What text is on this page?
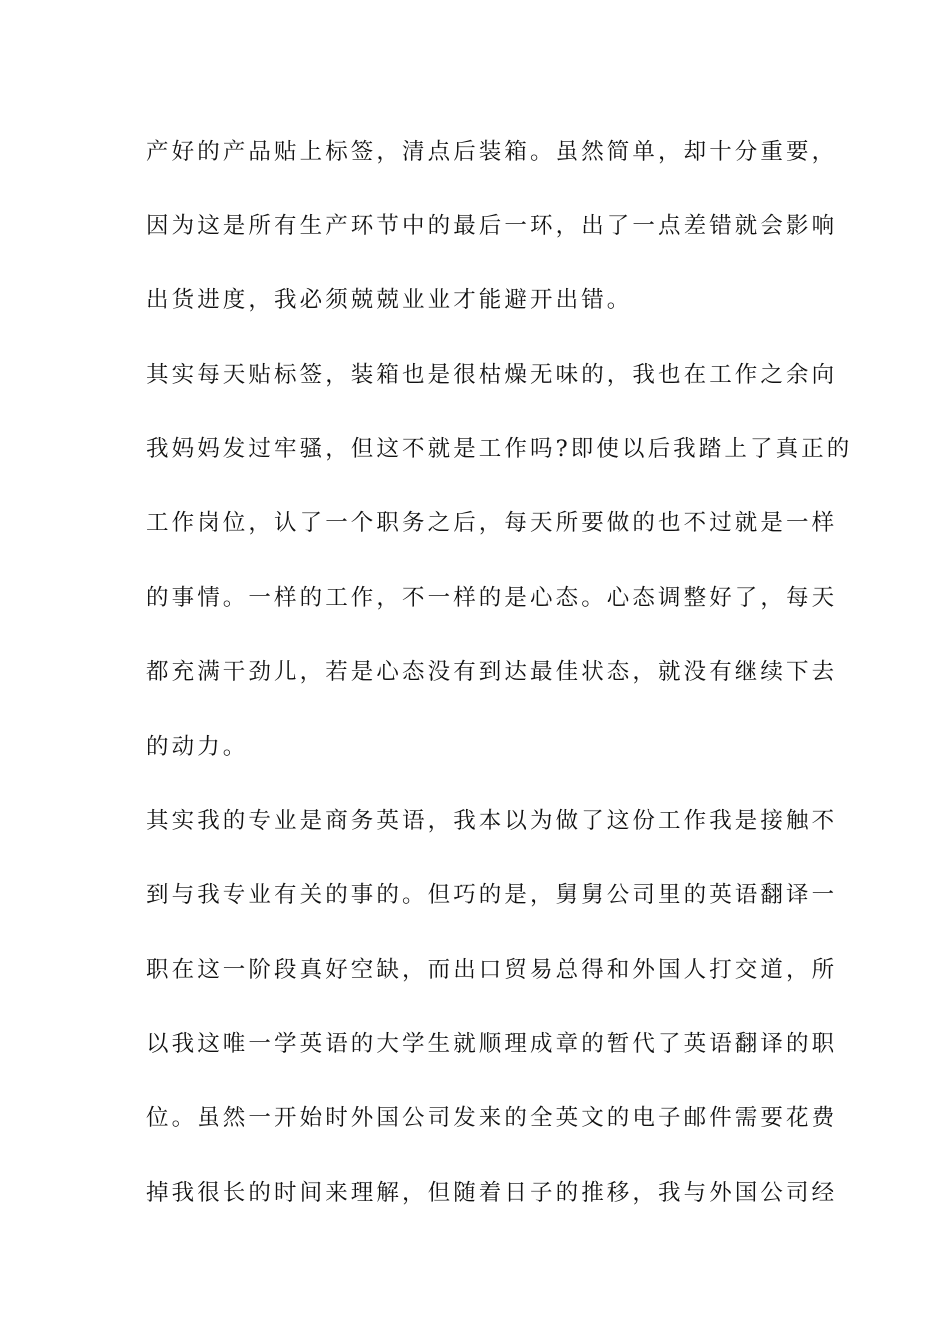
产好的产品贴上标签，清点后装箱。虽然简单，却十分重要，
因为这是所有生产环节中的最后一环，出了一点差错就会影响
出货进度，我必须兢兢业业才能避开出错。
其实每天贴标签，装箱也是很枯燥无味的，我也在工作之余向
我妈妈发过牢骚，但这不就是工作吗?即使以后我踏上了真正的
工作岗位，认了一个职务之后，每天所要做的也不过就是一样
的事情。一样的工作，不一样的是心态。心态调整好了，每天
都充满干劲儿，若是心态没有到达最佳状态，就没有继续下去
的动力。
其实我的专业是商务英语，我本以为做了这份工作我是接触不
到与我专业有关的事的。但巧的是，舅舅公司里的英语翻译一
职在这一阶段真好空缺，而出口贸易总得和外国人打交道，所
以我这唯一学英语的大学生就顺理成章的暂代了英语翻译的职
位。虽然一开始时外国公司发来的全英文的电子邮件需要花费
掉我很长的时间来理解，但随着日子的推移，我与外国公司经
